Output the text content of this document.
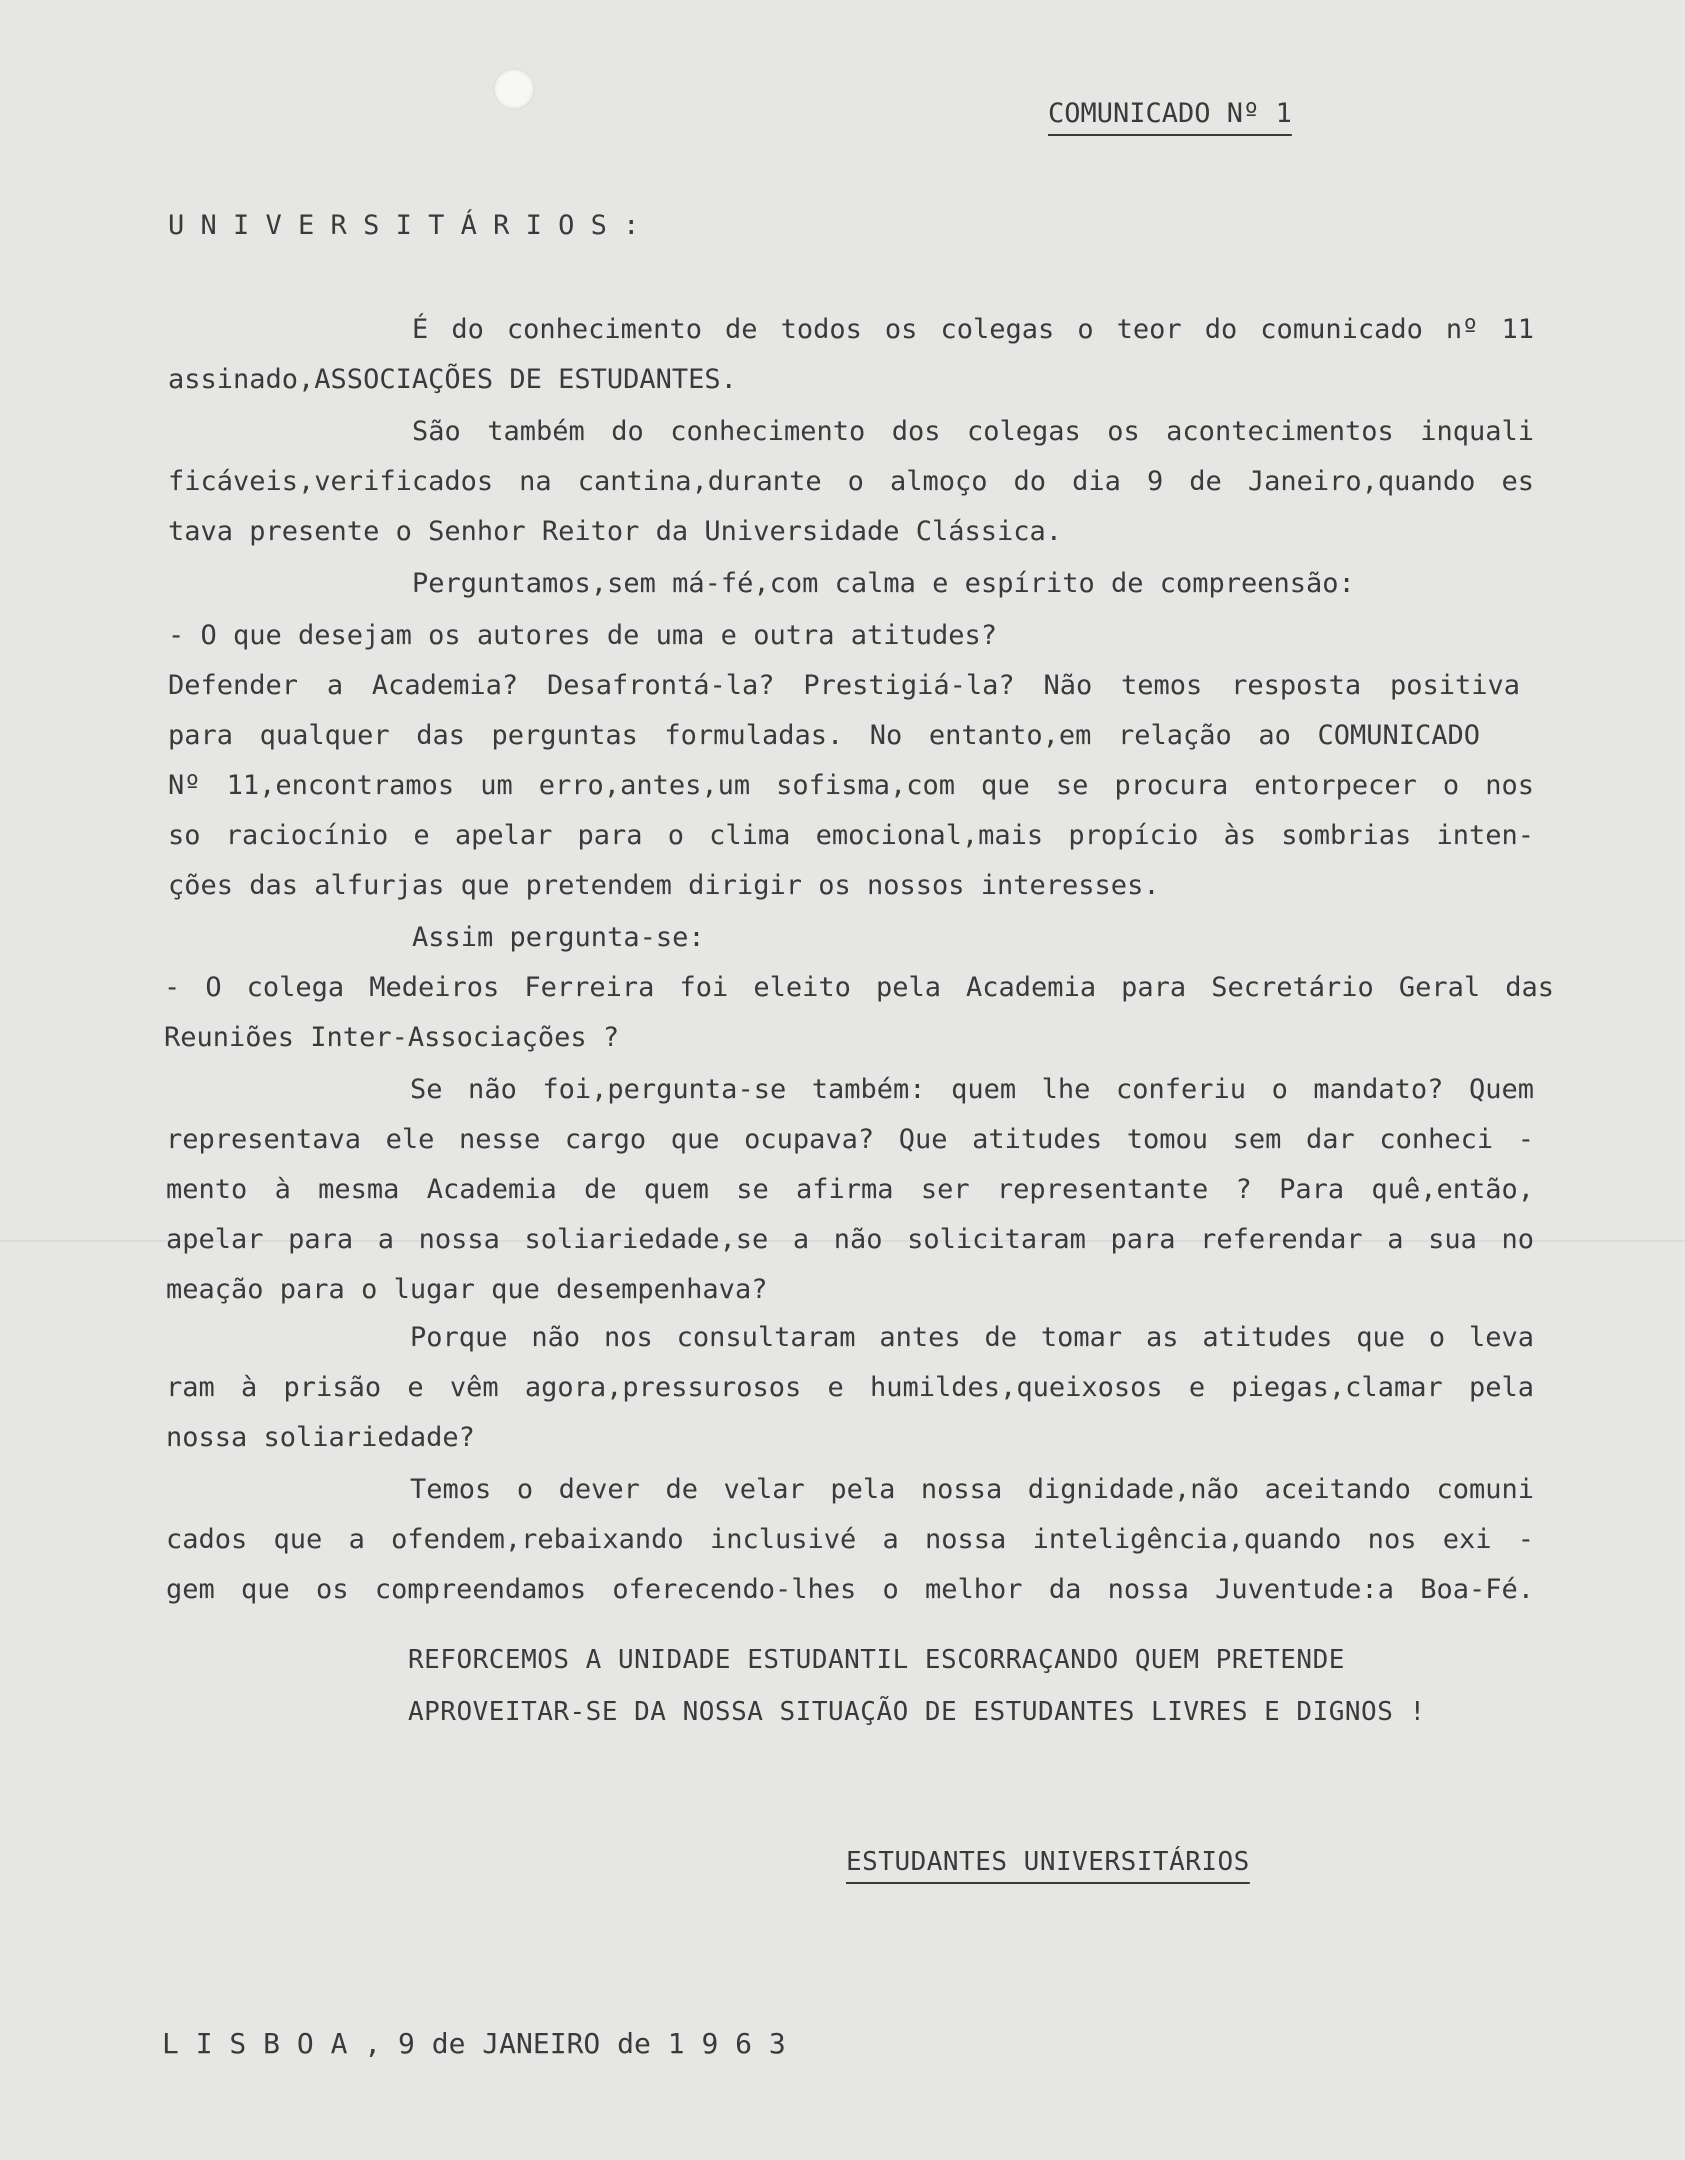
COMUNICADO Nº 1
U N I V E R S I T Á R I O S :
É do conhecimento de todos os colegas o teor do comunicado nº 11
assinado,ASSOCIAÇÕES DE ESTUDANTES.
São também do conhecimento dos colegas os acontecimentos inquali
ficáveis,verificados na cantina,durante o almoço do dia 9 de Janeiro,quando es
tava presente o Senhor Reitor da Universidade Clássica.
Perguntamos,sem má-fé,com calma e espírito de compreensão:
- O que desejam os autores de uma e outra atitudes?
Defender a Academia? Desafrontá-la? Prestigiá-la? Não temos resposta positiva
para qualquer das perguntas formuladas. No entanto,em relação ao COMUNICADO
Nº 11,encontramos um erro,antes,um sofisma,com que se procura entorpecer o nos
so raciocínio e apelar para o clima emocional,mais propício às sombrias inten-
ções das alfurjas que pretendem dirigir os nossos interesses.
Assim pergunta-se:
- O colega Medeiros Ferreira foi eleito pela Academia para Secretário Geral das
Reuniões Inter-Associações ?
Se não foi,pergunta-se também: quem lhe conferiu o mandato? Quem
representava ele nesse cargo que ocupava? Que atitudes tomou sem dar conheci -
mento à mesma Academia de quem se afirma ser representante ? Para quê,então,
apelar para a nossa soliariedade,se a não solicitaram para referendar a sua no
meação para o lugar que desempenhava?
Porque não nos consultaram antes de tomar as atitudes que o leva
ram à prisão e vêm agora,pressurosos e humildes,queixosos e piegas,clamar pela
nossa soliariedade?
Temos o dever de velar pela nossa dignidade,não aceitando comuni
cados que a ofendem,rebaixando inclusivé a nossa inteligência,quando nos exi -
gem que os compreendamos oferecendo-lhes o melhor da nossa Juventude:a Boa-Fé.
REFORCEMOS A UNIDADE ESTUDANTIL ESCORRAÇANDO QUEM PRETENDE
APROVEITAR-SE DA NOSSA SITUAÇÃO DE ESTUDANTES LIVRES E DIGNOS !
ESTUDANTES UNIVERSITÁRIOS
L I S B O A , 9 de JANEIRO de 1 9 6 3
